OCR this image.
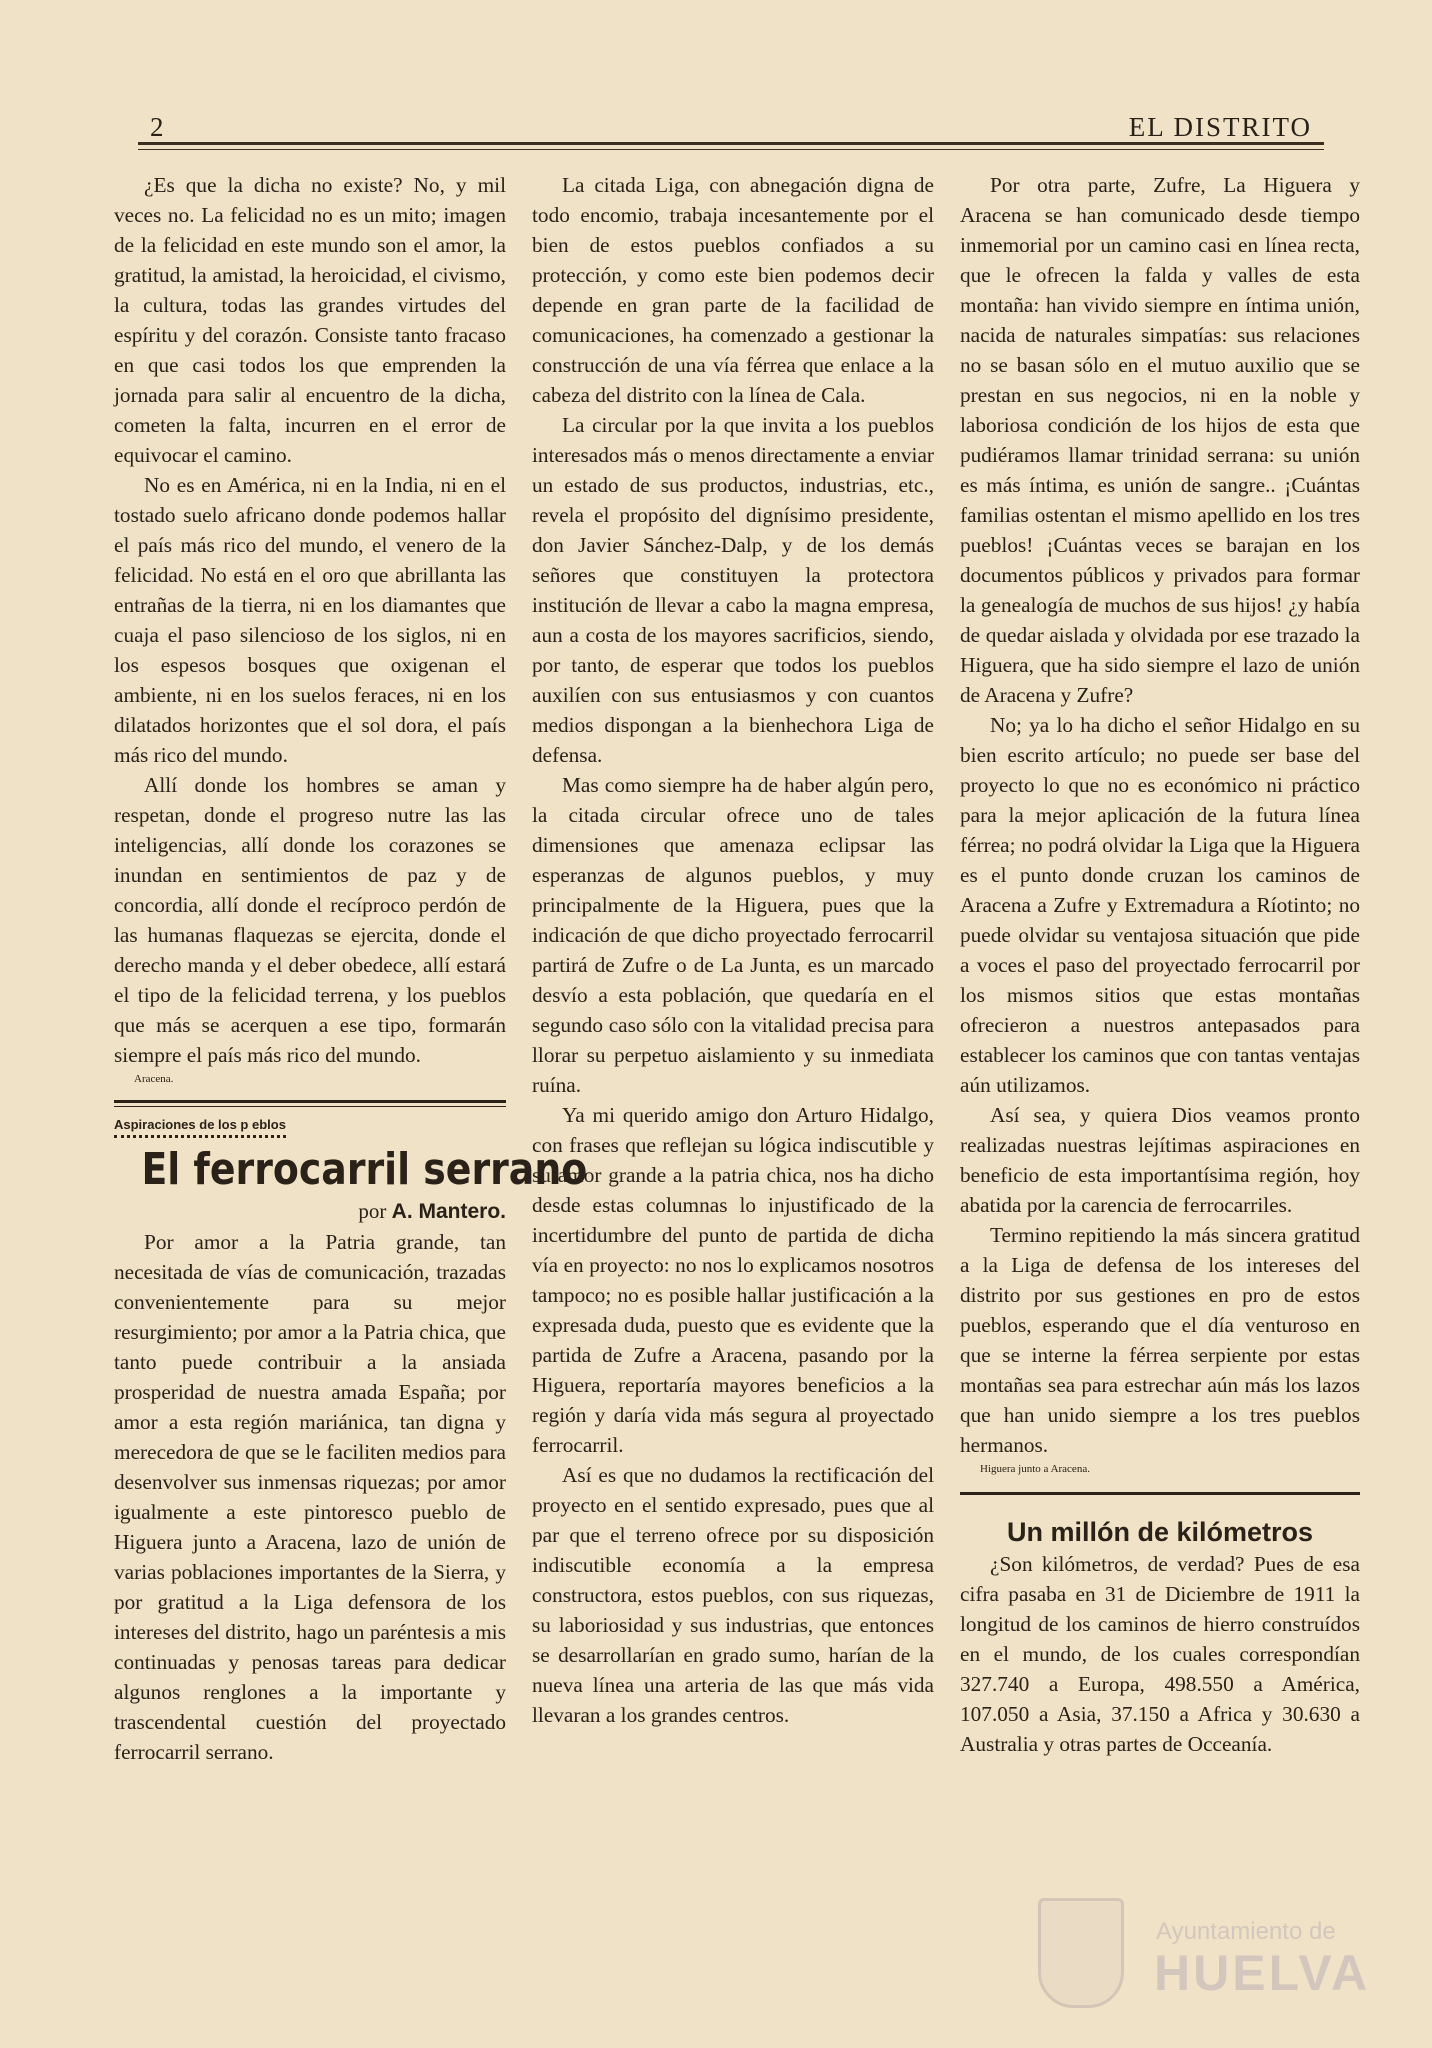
2	EL DISTRITO

¿Es que la dicha no existe? No, y mil veces no. La felicidad no es un mito; imagen de la felicidad en este mundo son el amor, la gratitud, la amistad, la heroicidad, el civismo, la cultura, todas las grandes virtudes del espíritu y del corazón. Consiste tanto fracaso en que casi todos los que emprenden la jornada para salir al encuentro de la dicha, cometen la falta, incurren en el error de equivocar el camino.

No es en América, ni en la India, ni en el tostado suelo africano donde podemos hallar el país más rico del mundo, el venero de la felicidad. No está en el oro que abrillanta las entrañas de la tierra, ni en los diamantes que cuaja el paso silencioso de los siglos, ni en los espesos bosques que oxigenan el ambiente, ni en los suelos feraces, ni en los dilatados horizontes que el sol dora, el país más rico del mundo.

Allí donde los hombres se aman y respetan, donde el progreso nutre las las inteligencias, allí donde los corazones se inundan en sentimientos de paz y de concordia, allí donde el recíproco perdón de las humanas flaquezas se ejercita, donde el derecho manda y el deber obedece, allí estará el tipo de la felicidad terrena, y los pueblos que más se acerquen a ese tipo, formarán siempre el país más rico del mundo.

Aracena.
Aspiraciones de los p eblos
El ferrocarril serrano
por A. Mantero.

Por amor a la Patria grande, tan necesitada de vías de comunicación, trazadas convenientemente para su mejor resurgimiento; por amor a la Patria chica, que tanto puede contribuir a la ansiada prosperidad de nuestra amada España; por amor a esta región mariánica, tan digna y merecedora de que se le faciliten medios para desenvolver sus inmensas riquezas; por amor igualmente a este pintoresco pueblo de Higuera junto a Aracena, lazo de unión de varias poblaciones importantes de la Sierra, y por gratitud a la Liga defensora de los intereses del distrito, hago un paréntesis a mis continuadas y penosas tareas para dedicar algunos renglones a la importante y trascendental cuestión del proyectado ferrocarril serrano.

La citada Liga, con abnegación digna de todo encomio, trabaja incesantemente por el bien de estos pueblos confiados a su protección, y como este bien podemos decir depende en gran parte de la facilidad de comunicaciones, ha comenzado a gestionar la construcción de una vía férrea que enlace a la cabeza del distrito con la línea de Cala.

La circular por la que invita a los pueblos interesados más o menos directamente a enviar un estado de sus productos, industrias, etc., revela el propósito del dignísimo presidente, don Javier Sánchez-Dalp, y de los demás señores que constituyen la protectora institución de llevar a cabo la magna empresa, aun a costa de los mayores sacrificios, siendo, por tanto, de esperar que todos los pueblos auxilíen con sus entusiasmos y con cuantos medios dispongan a la bienhechora Liga de defensa.

Mas como siempre ha de haber algún pero, la citada circular ofrece uno de tales dimensiones que amenaza eclipsar las esperanzas de algunos pueblos, y muy principalmente de la Higuera, pues que la indicación de que dicho proyectado ferrocarril partirá de Zufre o de La Junta, es un marcado desvío a esta población, que quedaría en el segundo caso sólo con la vitalidad precisa para llorar su perpetuo aislamiento y su inmediata ruína.

Ya mi querido amigo don Arturo Hidalgo, con frases que reflejan su lógica indiscutible y su amor grande a la patria chica, nos ha dicho desde estas columnas lo injustificado de la incertidumbre del punto de partida de dicha vía en proyecto: no nos lo explicamos nosotros tampoco; no es posible hallar justificación a la expresada duda, puesto que es evidente que la partida de Zufre a Aracena, pasando por la Higuera, reportaría mayores beneficios a la región y daría vida más segura al proyectado ferrocarril.

Así es que no dudamos la rectificación del proyecto en el sentido expresado, pues que al par que el terreno ofrece por su disposición indiscutible economía a la empresa constructora, estos pueblos, con sus riquezas, su laboriosidad y sus industrias, que entonces se desarrollarían en grado sumo, harían de la nueva línea una arteria de las que más vida llevaran a los grandes centros.

Por otra parte, Zufre, La Higuera y Aracena se han comunicado desde tiempo inmemorial por un camino casi en línea recta, que le ofrecen la falda y valles de esta montaña: han vivido siempre en íntima unión, nacida de naturales simpatías: sus relaciones no se basan sólo en el mutuo auxilio que se prestan en sus negocios, ni en la noble y laboriosa condición de los hijos de esta que pudiéramos llamar trinidad serrana: su unión es más íntima, es unión de sangre.. ¡Cuántas familias ostentan el mismo apellido en los tres pueblos! ¡Cuántas veces se barajan en los documentos públicos y privados para formar la genealogía de muchos de sus hijos! ¿y había de quedar aislada y olvidada por ese trazado la Higuera, que ha sido siempre el lazo de unión de Aracena y Zufre?

No; ya lo ha dicho el señor Hidalgo en su bien escrito artículo; no puede ser base del proyecto lo que no es económico ni práctico para la mejor aplicación de la futura línea férrea; no podrá olvidar la Liga que la Higuera es el punto donde cruzan los caminos de Aracena a Zufre y Extremadura a Ríotinto; no puede olvidar su ventajosa situación que pide a voces el paso del proyectado ferrocarril por los mismos sitios que estas montañas ofrecieron a nuestros antepasados para establecer los caminos que con tantas ventajas aún utilizamos.

Así sea, y quiera Dios veamos pronto realizadas nuestras lejítimas aspiraciones en beneficio de esta importantísima región, hoy abatida por la carencia de ferrocarriles.

Termino repitiendo la más sincera gratitud a la Liga de defensa de los intereses del distrito por sus gestiones en pro de estos pueblos, esperando que el día venturoso en que se interne la férrea serpiente por estas montañas sea para estrechar aún más los lazos que han unido siempre a los tres pueblos hermanos.

Higuera junto a Aracena.
Un millón de kilómetros

¿Son kilómetros, de verdad? Pues de esa cifra pasaba en 31 de Diciembre de 1911 la longitud de los caminos de hierro construídos en el mundo, de los cuales correspondían 327.740 a Europa, 498.550 a América, 107.050 a Asia, 37.150 a Africa y 30.630 a Australia y otras partes de Occeanía.

Ayuntamiento de
HUELVA
